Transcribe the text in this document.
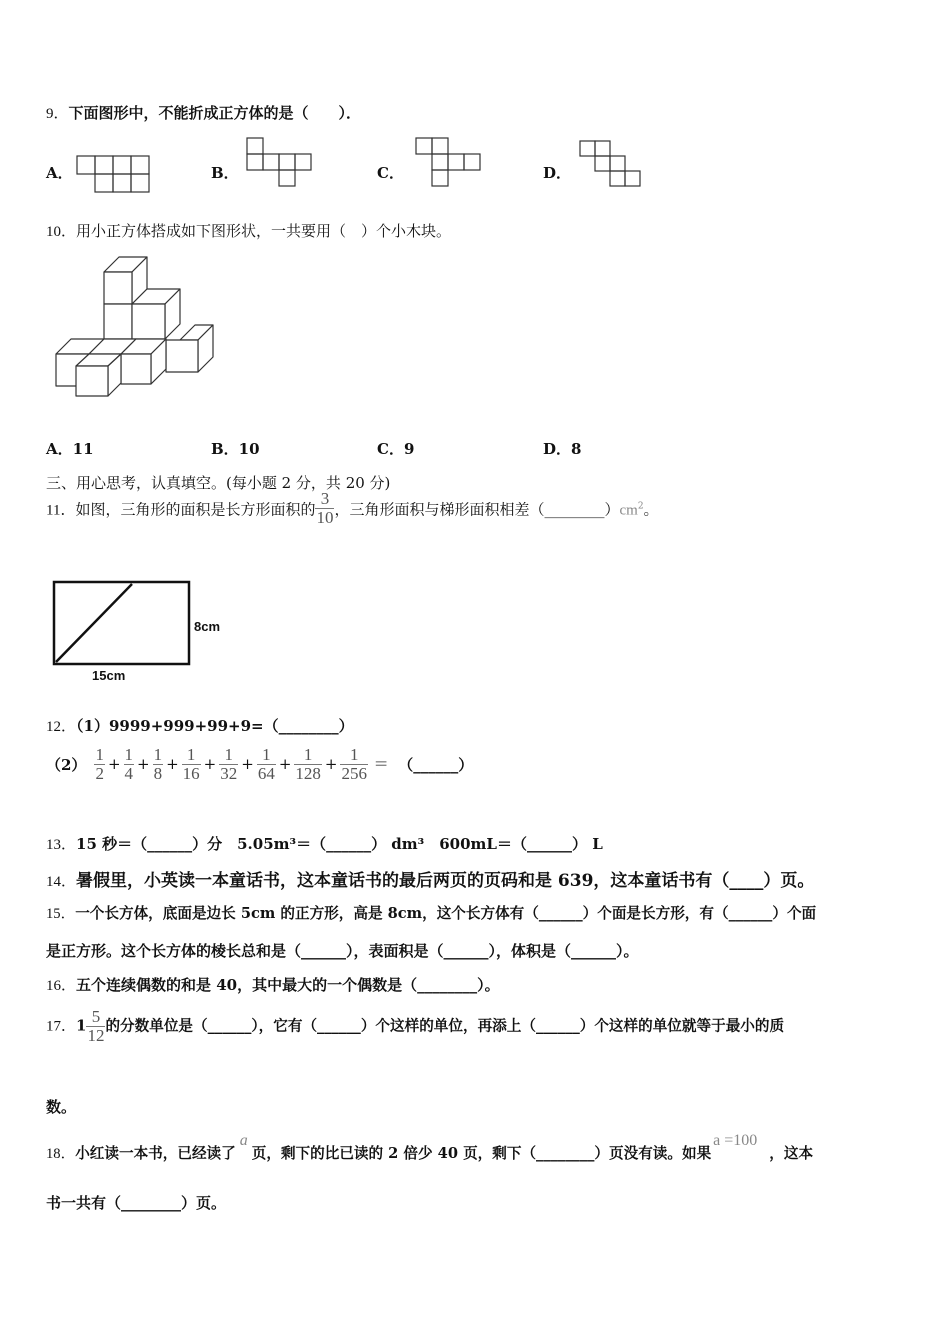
9．下面图形中，不能折成正方体的是（　　）．
A．	B．	C．	D．
10．用小正方体搭成如下图形状，一共要用（　）个小木块。
A．11	B．10	C．9	D．8
三、用心思考，认真填空。(每小题 2 分，共 20 分)
11．如图，三角形的面积是长方形面积的 $\frac{3}{10}$ ，三角形面积与梯形面积相差$(\_\_\_\_\_\_\_\_)cm^2$。
8cm
15cm
12．（1）9999+999+99+9=（________）
$(2) \frac{1}{2} + \frac{1}{4} + \frac{1}{8} + \frac{1}{16} + \frac{1}{32} + \frac{1}{64} + \frac{1}{128} + \frac{1}{256}$ = （______）
13．15 秒＝（______）分　5.05m³＝（______） dm³　600mL＝（______） L
14．暑假里，小英读一本童话书，这本童话书的最后两页的页码和是 639，这本童话书有（____）页。
15．一个长方体，底面是边长 5cm 的正方形，高是 8cm，这个长方体有（______）个面是长方形，有（______）个面
是正方形。这个长方体的棱长总和是（______），表面积是（______），体积是（______）。
16．五个连续偶数的和是 40，其中最大的一个偶数是（________）。
17．$1 \frac{5}{12}$ 的分数单位是（______），它有（______）个这样的单位，再添上（______）个这样的单位就等于最小的质
数。
18．小红读一本书，已经读了a页，剩下的比已读的 2 倍少 40 页，剩下（________）页没有读。如果a =100，这本
书一共有（________）页。
